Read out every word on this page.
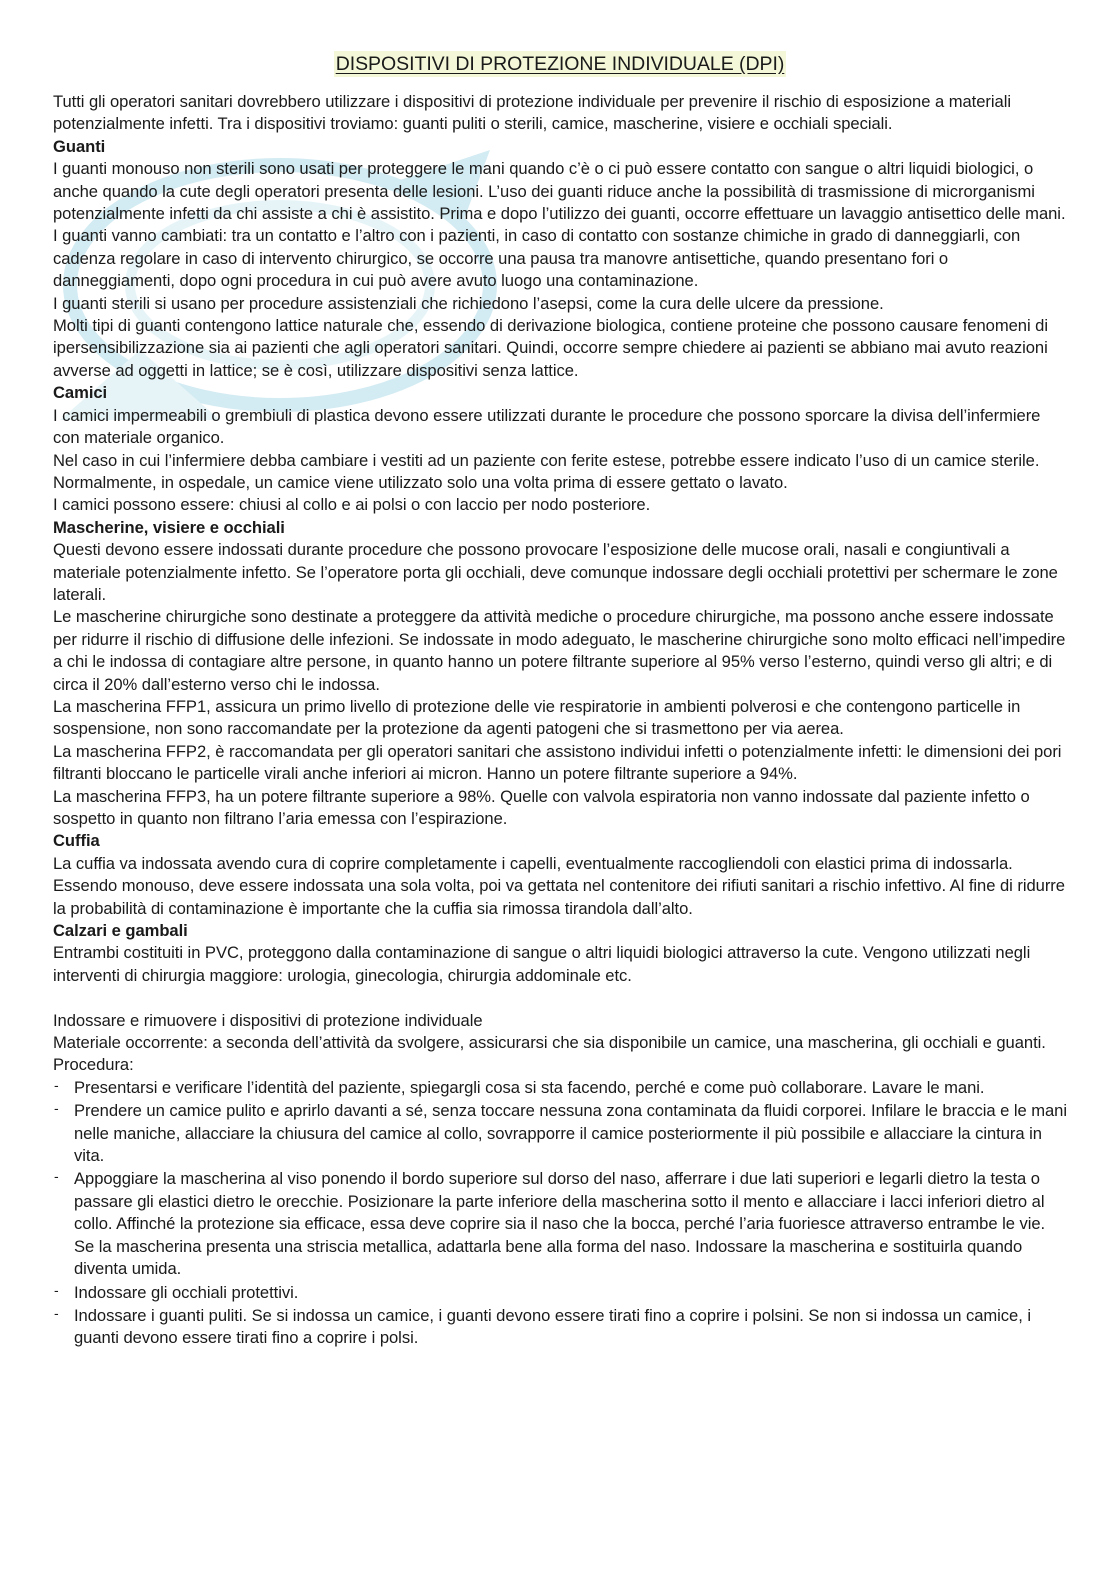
DISPOSITIVI DI PROTEZIONE INDIVIDUALE (DPI)

Tutti gli operatori sanitari dovrebbero utilizzare i dispositivi di protezione individuale per prevenire il rischio di esposizione a materiali potenzialmente infetti. Tra i dispositivi troviamo: guanti puliti o sterili, camice, mascherine, visiere e occhiali speciali.

Guanti

I guanti monouso non sterili sono usati per proteggere le mani quando c’è o ci può essere contatto con sangue o altri liquidi biologici, o anche quando la cute degli operatori presenta delle lesioni. L’uso dei guanti riduce anche la possibilità di trasmissione di microrganismi potenzialmente infetti da chi assiste a chi è assistito. Prima e dopo l’utilizzo dei guanti, occorre effettuare un lavaggio antisettico delle mani. I guanti vanno cambiati: tra un contatto e l’altro con i pazienti, in caso di contatto con sostanze chimiche in grado di danneggiarli, con cadenza regolare in caso di intervento chirurgico, se occorre una pausa tra manovre antisettiche, quando presentano fori o danneggiamenti, dopo ogni procedura in cui può avere avuto luogo una contaminazione.

I guanti sterili si usano per procedure assistenziali che richiedono l’asepsi, come la cura delle ulcere da pressione.

Molti tipi di guanti contengono lattice naturale che, essendo di derivazione biologica, contiene proteine che possono causare fenomeni di ipersensibilizzazione sia ai pazienti che agli operatori sanitari. Quindi, occorre sempre chiedere ai pazienti se abbiano mai avuto reazioni avverse ad oggetti in lattice; se è così, utilizzare dispositivi senza lattice.

Camici

I camici impermeabili o grembiuli di plastica devono essere utilizzati durante le procedure che possono sporcare la divisa dell’infermiere con materiale organico.

Nel caso in cui l’infermiere debba cambiare i vestiti ad un paziente con ferite estese, potrebbe essere indicato l’uso di un camice sterile. Normalmente, in ospedale, un camice viene utilizzato solo una volta prima di essere gettato o lavato.

I camici possono essere: chiusi al collo e ai polsi o con laccio per nodo posteriore.

Mascherine, visiere e occhiali

Questi devono essere indossati durante procedure che possono provocare l’esposizione delle mucose orali, nasali e congiuntivali a materiale potenzialmente infetto. Se l’operatore porta gli occhiali, deve comunque indossare degli occhiali protettivi per schermare le zone laterali.

Le mascherine chirurgiche sono destinate a proteggere da attività mediche o procedure chirurgiche, ma possono anche essere indossate per ridurre il rischio di diffusione delle infezioni. Se indossate in modo adeguato, le mascherine chirurgiche sono molto efficaci nell’impedire a chi le indossa di contagiare altre persone, in quanto hanno un potere filtrante superiore al 95% verso l’esterno, quindi verso gli altri; e di circa il 20% dall’esterno verso chi le indossa.

La mascherina FFP1, assicura un primo livello di protezione delle vie respiratorie in ambienti polverosi e che contengono particelle in sospensione, non sono raccomandate per la protezione da agenti patogeni che si trasmettono per via aerea.

La mascherina FFP2, è raccomandata per gli operatori sanitari che assistono individui infetti o potenzialmente infetti: le dimensioni dei pori filtranti bloccano le particelle virali anche inferiori ai micron. Hanno un potere filtrante superiore a 94%.

La mascherina FFP3, ha un potere filtrante superiore a 98%. Quelle con valvola espiratoria non vanno indossate dal paziente infetto o sospetto in quanto non filtrano l’aria emessa con l’espirazione.

Cuffia

La cuffia va indossata avendo cura di coprire completamente i capelli, eventualmente raccogliendoli con elastici prima di indossarla. Essendo monouso, deve essere indossata una sola volta, poi va gettata nel contenitore dei rifiuti sanitari a rischio infettivo. Al fine di ridurre la probabilità di contaminazione è importante che la cuffia sia rimossa tirandola dall’alto.

Calzari e gambali

Entrambi costituiti in PVC, proteggono dalla contaminazione di sangue o altri liquidi biologici attraverso la cute. Vengono utilizzati negli interventi di chirurgia maggiore: urologia, ginecologia, chirurgia addominale etc.

Indossare e rimuovere i dispositivi di protezione individuale

Materiale occorrente: a seconda dell’attività da svolgere, assicurarsi che sia disponibile un camice, una mascherina, gli occhiali e guanti.

Procedura:

- Presentarsi e verificare l’identità del paziente, spiegargli cosa si sta facendo, perché e come può collaborare. Lavare le mani.
- Prendere un camice pulito e aprirlo davanti a sé, senza toccare nessuna zona contaminata da fluidi corporei. Infilare le braccia e le mani nelle maniche, allacciare la chiusura del camice al collo, sovrapporre il camice posteriormente il più possibile e allacciare la cintura in vita.
- Appoggiare la mascherina al viso ponendo il bordo superiore sul dorso del naso, afferrare i due lati superiori e legarli dietro la testa o passare gli elastici dietro le orecchie. Posizionare la parte inferiore della mascherina sotto il mento e allacciare i lacci inferiori dietro al collo. Affinché la protezione sia efficace, essa deve coprire sia il naso che la bocca, perché l’aria fuoriesce attraverso entrambe le vie. Se la mascherina presenta una striscia metallica, adattarla bene alla forma del naso. Indossare la mascherina e sostituirla quando diventa umida.
- Indossare gli occhiali protettivi.
- Indossare i guanti puliti. Se si indossa un camice, i guanti devono essere tirati fino a coprire i polsini. Se non si indossa un camice, i guanti devono essere tirati fino a coprire i polsi.
